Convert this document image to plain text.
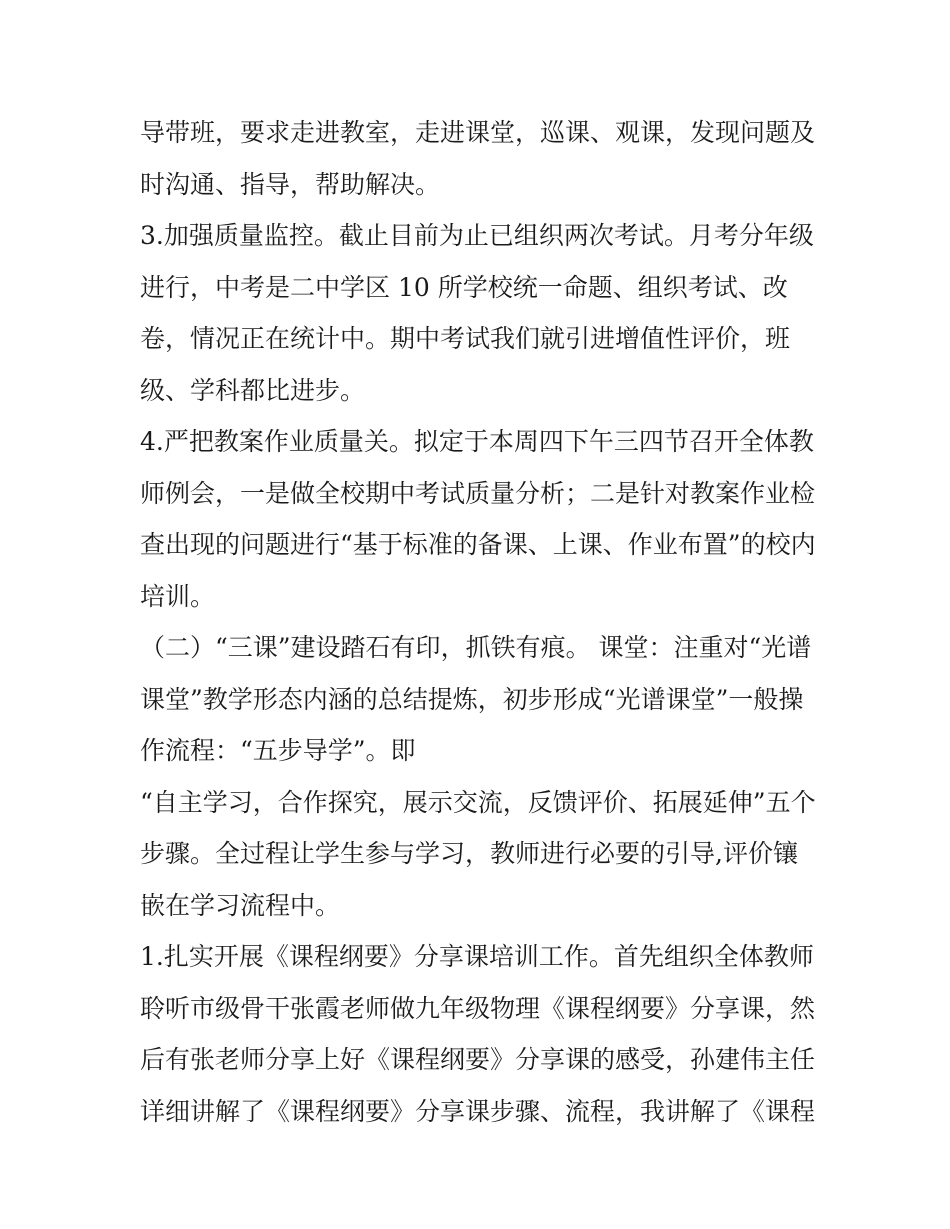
导带班，要求走进教室，走进课堂，巡课、观课，发现问题及
时沟通、指导，帮助解决。
3.加强质量监控。截止目前为止已组织两次考试。月考分年级
进行，中考是二中学区 10 所学校统一命题、组织考试、改
卷，情况正在统计中。期中考试我们就引进增值性评价，班
级、学科都比进步。
4.严把教案作业质量关。拟定于本周四下午三四节召开全体教
师例会，一是做全校期中考试质量分析；二是针对教案作业检
查出现的问题进行“基于标准的备课、上课、作业布置”的校内
培训。
（二）“三课”建设踏石有印，抓铁有痕。 课堂：注重对“光谱
课堂”教学形态内涵的总结提炼，初步形成“光谱课堂”一般操
作流程：“五步导学”。即
“自主学习，合作探究，展示交流，反馈评价、拓展延伸”五个
步骤。全过程让学生参与学习，教师进行必要的引导,评价镶
嵌在学习流程中。
1.扎实开展《课程纲要》分享课培训工作。首先组织全体教师
聆听市级骨干张霞老师做九年级物理《课程纲要》分享课，然
后有张老师分享上好《课程纲要》分享课的感受，孙建伟主任
详细讲解了《课程纲要》分享课步骤、流程，我讲解了《课程
